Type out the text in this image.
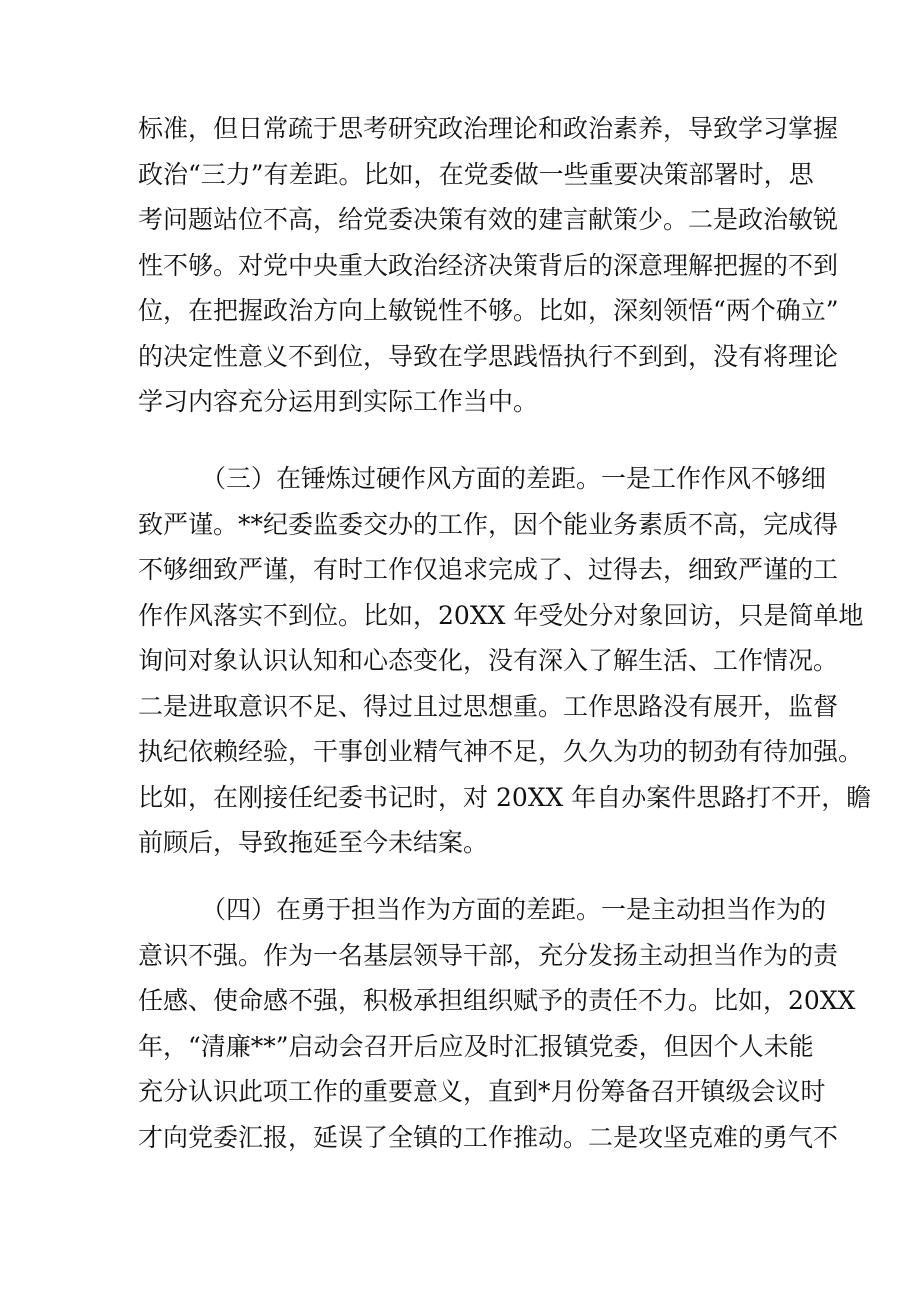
标准，但日常疏于思考研究政治理论和政治素养，导致学习掌握
政治“三力”有差距。比如，在党委做一些重要决策部署时，思
考问题站位不高，给党委决策有效的建言献策少。二是政治敏锐
性不够。对党中央重大政治经济决策背后的深意理解把握的不到
位，在把握政治方向上敏锐性不够。比如，深刻领悟“两个确立”
的决定性意义不到位，导致在学思践悟执行不到到，没有将理论
学习内容充分运用到实际工作当中。
（三）在锤炼过硬作风方面的差距。一是工作作风不够细
致严谨。**纪委监委交办的工作，因个能业务素质不高，完成得
不够细致严谨，有时工作仅追求完成了、过得去，细致严谨的工
作作风落实不到位。比如，20XX 年受处分对象回访，只是简单地
询问对象认识认知和心态变化，没有深入了解生活、工作情况。
二是进取意识不足、得过且过思想重。工作思路没有展开，监督
执纪依赖经验，干事创业精气神不足，久久为功的韧劲有待加强。
比如，在刚接任纪委书记时，对 20XX 年自办案件思路打不开，瞻
前顾后，导致拖延至今未结案。
（四）在勇于担当作为方面的差距。一是主动担当作为的
意识不强。作为一名基层领导干部，充分发扬主动担当作为的责
任感、使命感不强，积极承担组织赋予的责任不力。比如，20XX
年，“清廉**”启动会召开后应及时汇报镇党委，但因个人未能
充分认识此项工作的重要意义，直到*月份筹备召开镇级会议时
才向党委汇报，延误了全镇的工作推动。二是攻坚克难的勇气不
